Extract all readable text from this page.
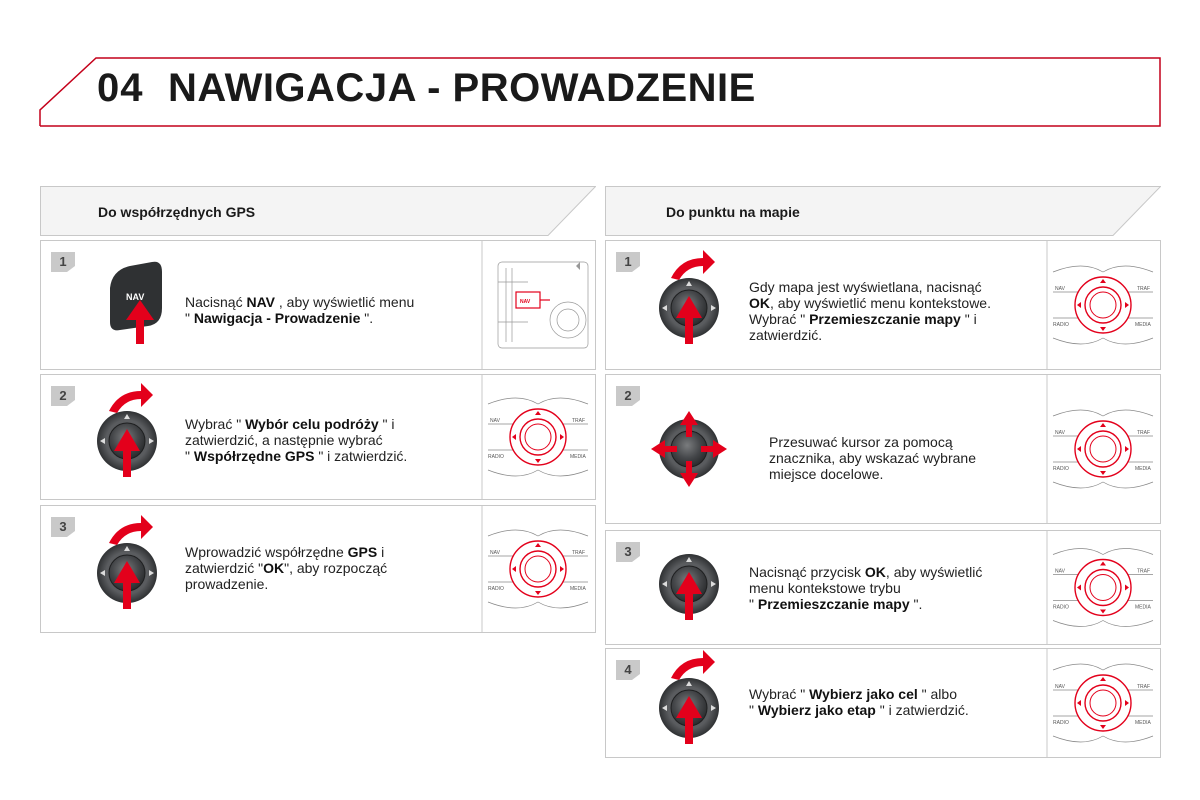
04 NAWIGACJA - PROWADZENIE
Do współrzędnych GPS	Do punktu na mapie
1
NAV	Nacisnąć NAV , aby wyświetlić menu
" Nawigacja - Prowadzenie ".
NAV
2
Wybrać " Wybór celu podróży " i
zatwierdzić, a następnie wybrać
" Współrzędne GPS " i zatwierdzić.
NAV	TRAF
RADIO	MEDIA
3
Wprowadzić współrzędne GPS i
zatwierdzić "OK", aby rozpocząć
prowadzenie.
NAV	TRAF
RADIO	MEDIA
1
Gdy mapa jest wyświetlana, nacisnąć
OK, aby wyświetlić menu kontekstowe.
Wybrać " Przemieszczanie mapy " i
zatwierdzić.
NAV	TRAF
RADIO	MEDIA
2
Przesuwać kursor za pomocą
znacznika, aby wskazać wybrane
miejsce docelowe.
NAV	TRAF
RADIO	MEDIA
3
Nacisnąć przycisk OK, aby wyświetlić
menu kontekstowe trybu
" Przemieszczanie mapy ".
NAV	TRAF
RADIO	MEDIA
4
Wybrać " Wybierz jako cel " albo
" Wybierz jako etap " i zatwierdzić.
NAV	TRAF
RADIO	MEDIA
